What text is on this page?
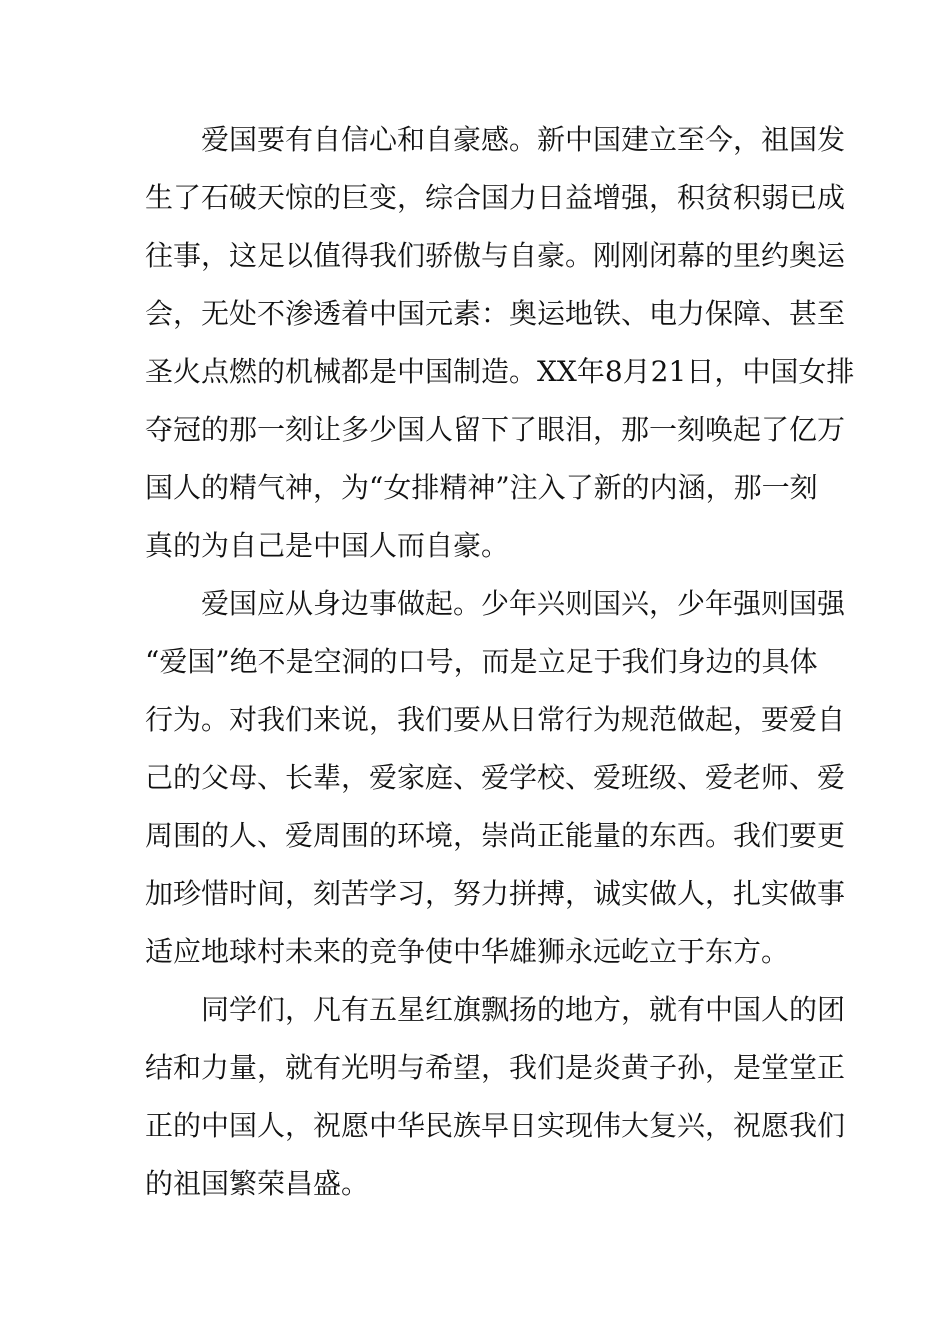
爱国要有自信心和自豪感。新中国建立至今，祖国发
生了石破天惊的巨变，综合国力日益增强，积贫积弱已成
往事，这足以值得我们骄傲与自豪。刚刚闭幕的里约奥运
会，无处不渗透着中国元素：奥运地铁、电力保障、甚至
圣火点燃的机械都是中国制造。XX年8月21日，中国女排
夺冠的那一刻让多少国人留下了眼泪，那一刻唤起了亿万
国人的精气神，为“女排精神”注入了新的内涵，那一刻
真的为自己是中国人而自豪。
爱国应从身边事做起。少年兴则国兴，少年强则国强
“爱国”绝不是空洞的口号，而是立足于我们身边的具体
行为。对我们来说，我们要从日常行为规范做起，要爱自
己的父母、长辈，爱家庭、爱学校、爱班级、爱老师、爱
周围的人、爱周围的环境，崇尚正能量的东西。我们要更
加珍惜时间，刻苦学习，努力拼搏，诚实做人，扎实做事
适应地球村未来的竞争使中华雄狮永远屹立于东方。
同学们，凡有五星红旗飘扬的地方，就有中国人的团
结和力量，就有光明与希望，我们是炎黄子孙，是堂堂正
正的中国人，祝愿中华民族早日实现伟大复兴，祝愿我们
的祖国繁荣昌盛。
